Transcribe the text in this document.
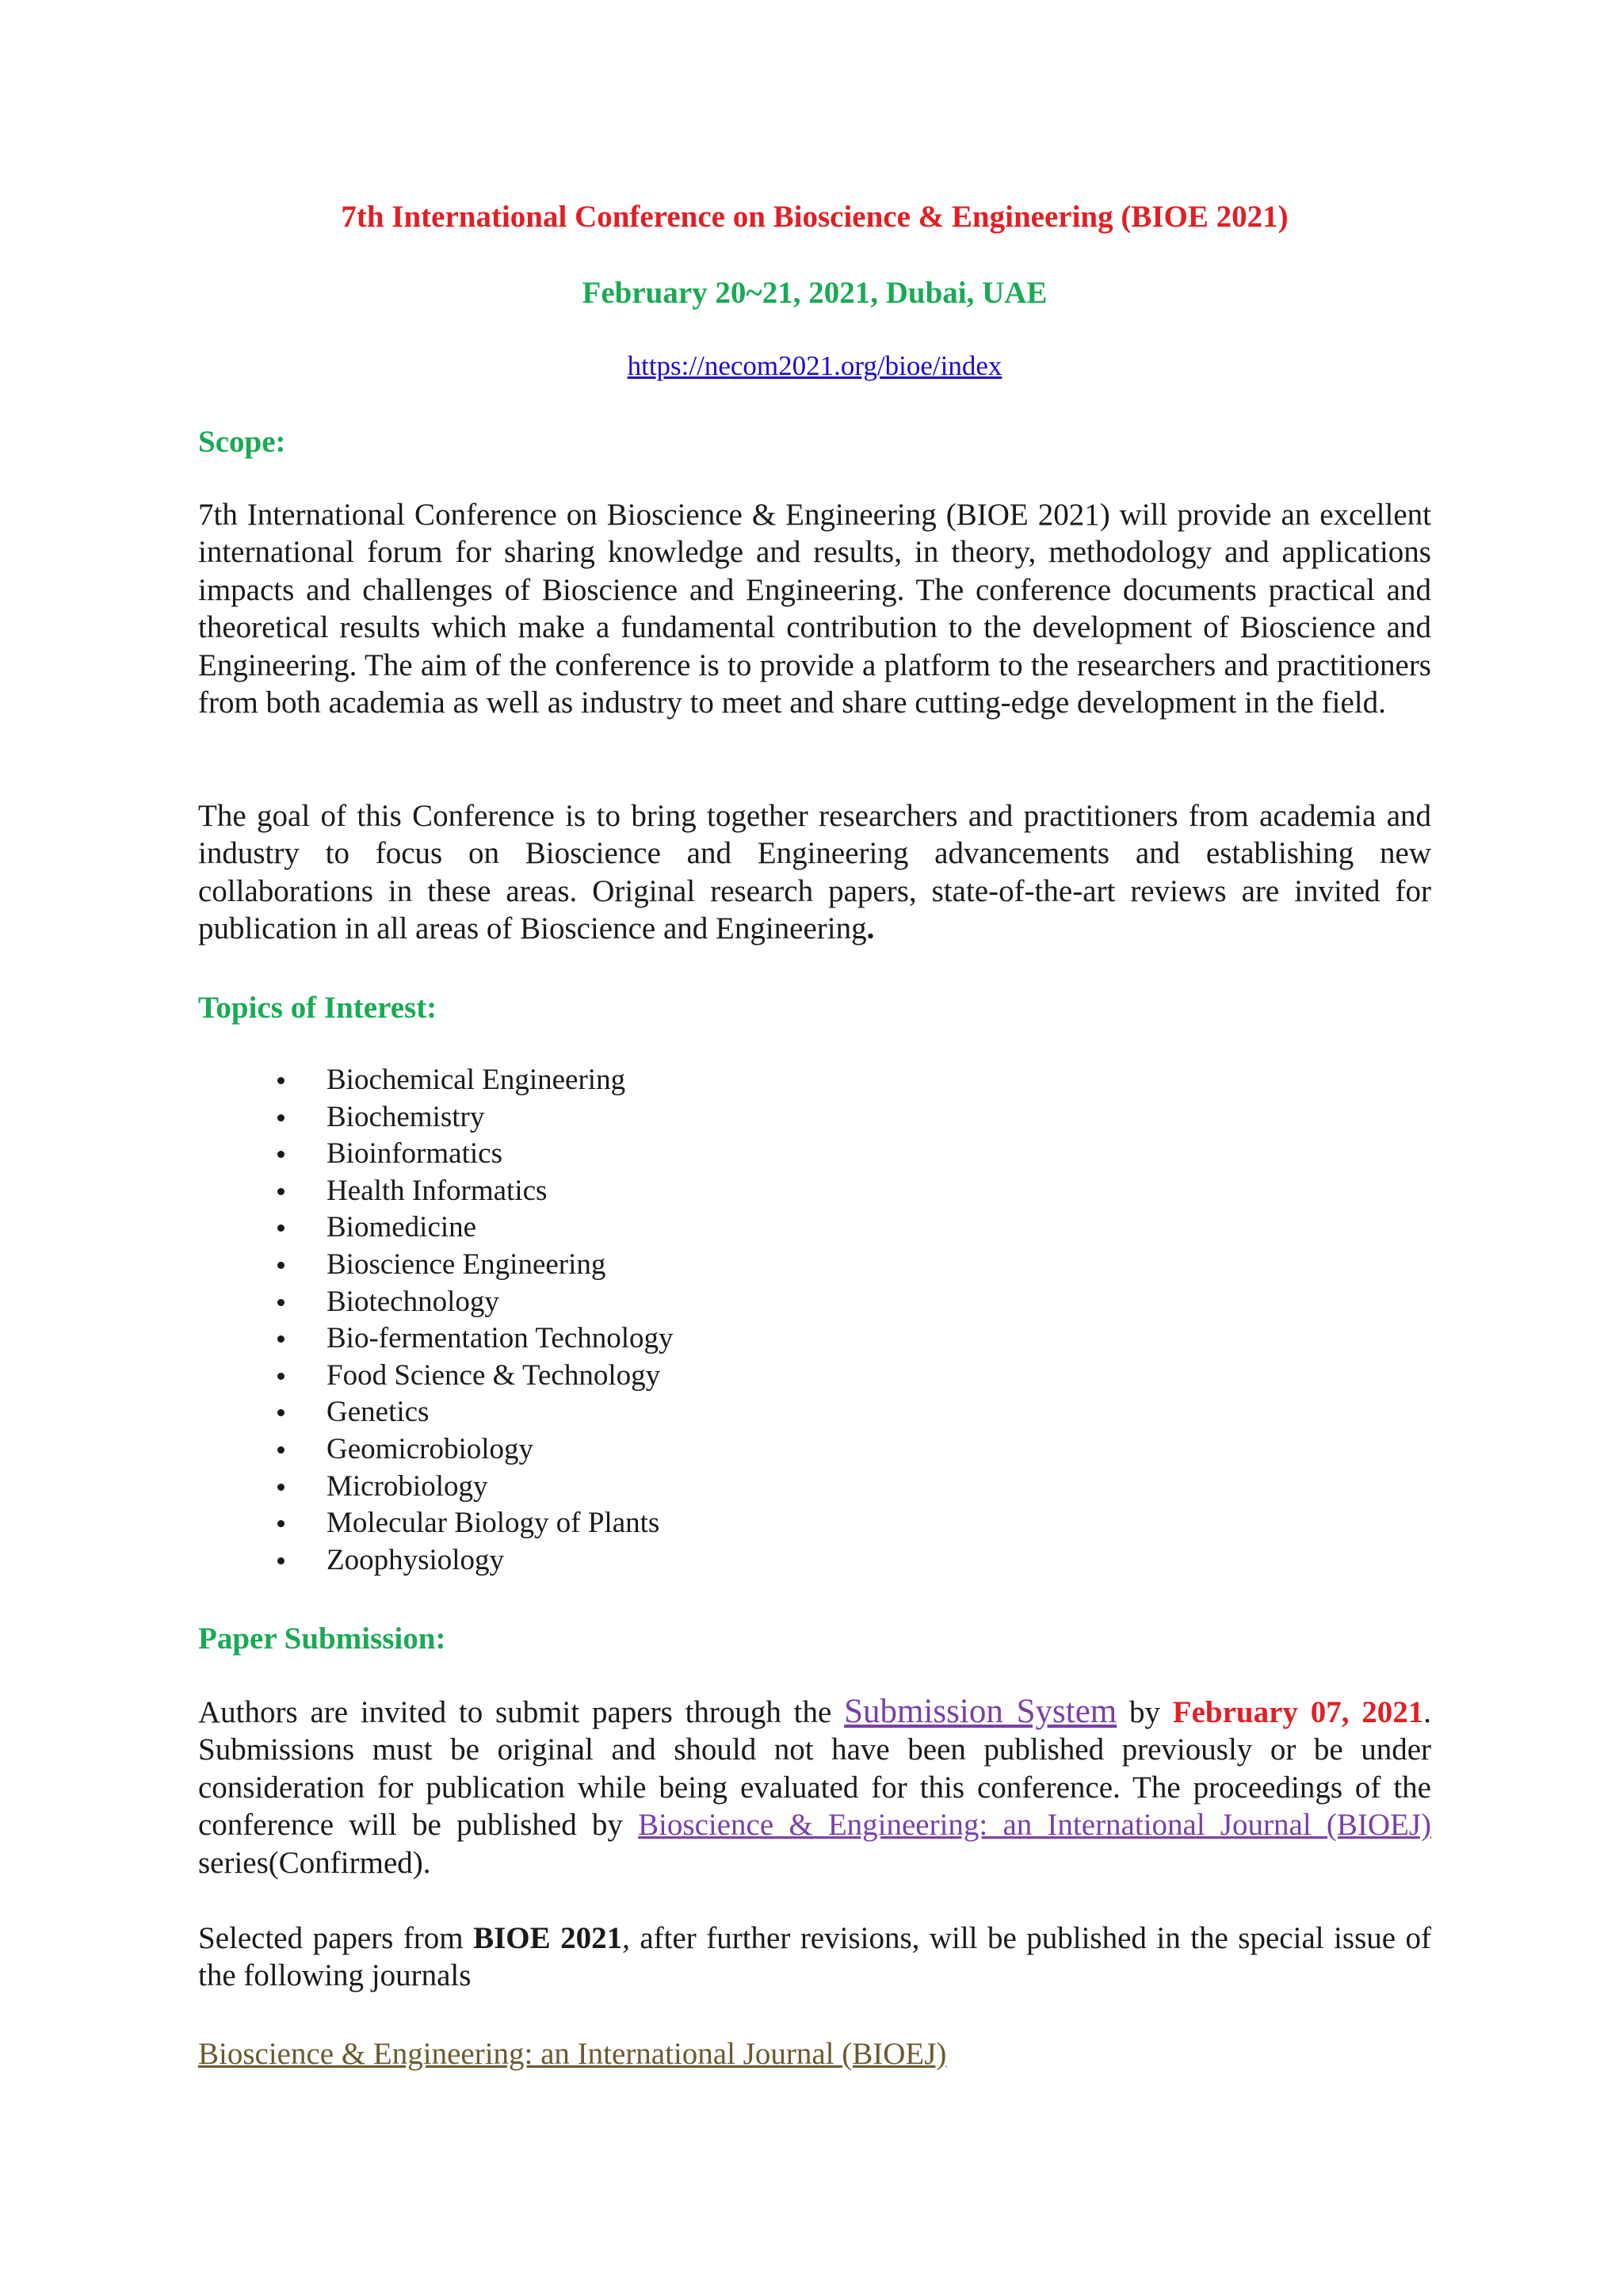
7th International Conference on Bioscience & Engineering (BIOE 2021)
February 20~21, 2021, Dubai, UAE
https://necom2021.org/bioe/index
Scope:

7th International Conference on Bioscience & Engineering (BIOE 2021) will provide an excellent international forum for sharing knowledge and results, in theory, methodology and applications impacts and challenges of Bioscience and Engineering. The conference documents practical and theoretical results which make a fundamental contribution to the development of Bioscience and Engineering. The aim of the conference is to provide a platform to the researchers and practitioners from both academia as well as industry to meet and share cutting-edge development in the field.

The goal of this Conference is to bring together researchers and practitioners from academia and industry to focus on Bioscience and Engineering advancements and establishing new collaborations in these areas. Original research papers, state-of-the-art reviews are invited for publication in all areas of Bioscience and Engineering.

Topics of Interest:
Biochemical Engineering
Biochemistry
Bioinformatics
Health Informatics
Biomedicine
Bioscience Engineering
Biotechnology
Bio-fermentation Technology
Food Science & Technology
Genetics
Geomicrobiology
Microbiology
Molecular Biology of Plants
Zoophysiology
Paper Submission:

Authors are invited to submit papers through the Submission System by February 07, 2021. Submissions must be original and should not have been published previously or be under consideration for publication while being evaluated for this conference. The proceedings of the conference will be published by Bioscience & Engineering: an International Journal (BIOEJ) series(Confirmed).

Selected papers from BIOE 2021, after further revisions, will be published in the special issue of the following journals

Bioscience & Engineering: an International Journal (BIOEJ)
